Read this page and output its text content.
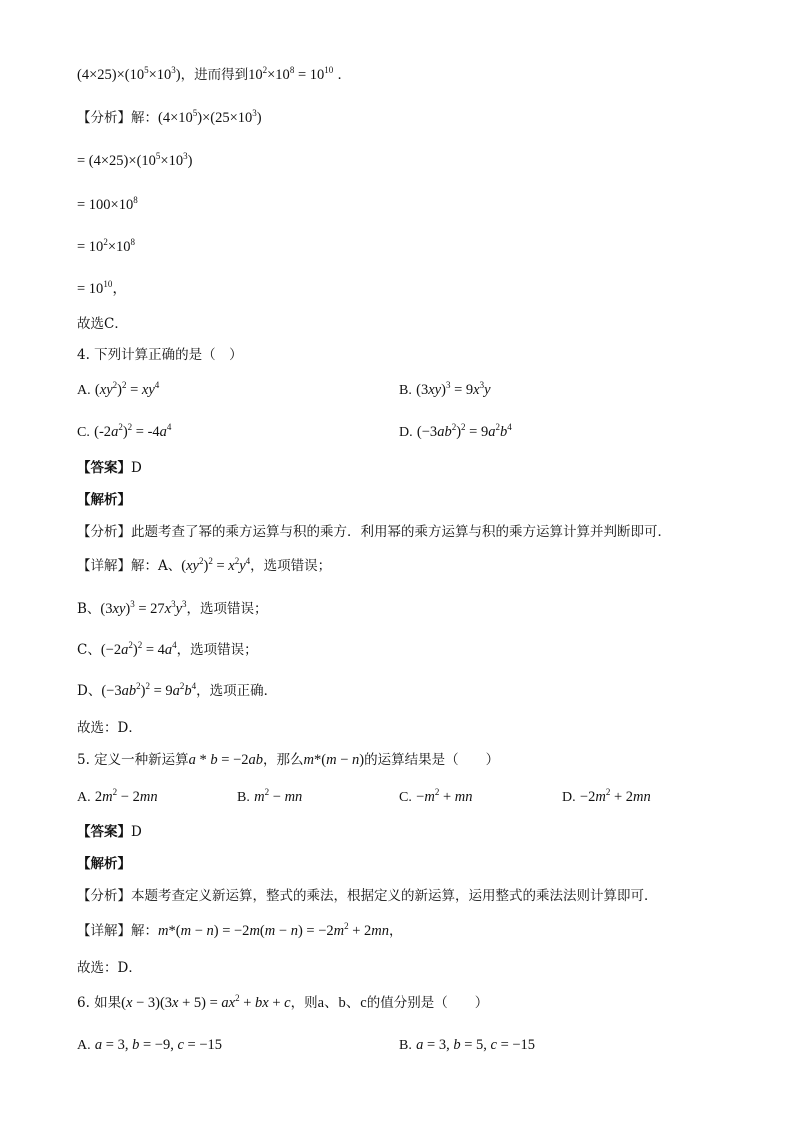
$(4\times 25)\times(10^5\times 10^3)$，进而得到$10^2\times 10^8 = 10^{10}$ ．
【分析】解：$(4\times 10^5)\times(25\times 10^3)$
= $(4\times 25)\times(10^5\times 10^3)$
= $100\times 10^8$
= $10^2\times 10^8$
= $10^{10}$，
故选C．
4. 下列计算正确的是（　）
A. $(xy^2)^2 = xy^4$	B. $(3xy)^3 = 9x^3y$
C. $(-2a^2)^2 = -4a^4$	D. $(-3ab^2)^2 = 9a^2b^4$
【答案】D
【解析】
【分析】此题考查了幂的乘方运算与积的乘方．利用幂的乘方运算与积的乘方运算计算并判断即可．
【详解】解：A、$(xy^2)^2 = x^2y^4$，选项错误；
B、$(3xy)^3 = 27x^3y^3$，选项错误；
C、$(-2a^2)^2 = 4a^4$，选项错误；
D、$(-3ab^2)^2 = 9a^2b^4$，选项正确．
故选：D．
5. 定义一种新运算a * b = −2ab，那么m*(m − n)的运算结果是（　　）
A. $2m^2 - 2mn$	B. $m^2$ − mn	C. $-m^2$ + mn	D. $-2m^2 + 2mn$
【答案】D
【解析】
【分析】本题考查定义新运算，整式的乘法，根据定义的新运算，运用整式的乘法法则计算即可．
【详解】解：$m*(m - n) = -2m(m - n) = -2m^2 + 2mn$，
故选：D．
6. 如果$(x - 3)(3x + 5) = ax^2$ + bx + c，则a、b、c的值分别是（　　）
A. a = 3, b = −9, c = −15	B. a = 3, b = 5, c = −15
